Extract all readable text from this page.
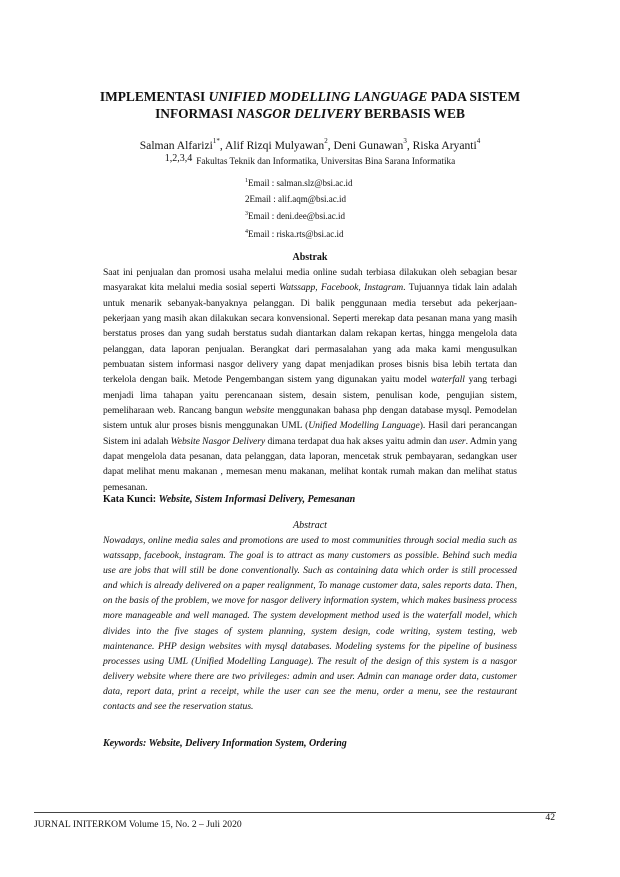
IMPLEMENTASI UNIFIED MODELLING LANGUAGE PADA SISTEM
INFORMASI NASGOR DELIVERY BERBASIS WEB
Salman Alfarizi$^{1*}$, Alif Rizqi Mulyawan$^2$, Deni Gunawan$^3$, Riska Aryanti$^4$
1,2,3,4 Fakultas Teknik dan Informatika, Universitas Bina Sarana Informatika
$^1$Email : salman.slz@bsi.ac.id
2Email : alif.aqm@bsi.ac.id
$^3$Email : deni.dee@bsi.ac.id
$^4$Email : riska.rts@bsi.ac.id
Abstrak
Saat ini penjualan dan promosi usaha melalui media online sudah terbiasa dilakukan oleh sebagian besar masyarakat kita melalui media sosial seperti Watssapp, Facebook, Instagram. Tujuannya tidak lain adalah untuk menarik sebanyak-banyaknya pelanggan. Di balik penggunaan media tersebut ada pekerjaan-pekerjaan yang masih akan dilakukan secara konvensional. Seperti merekap data pesanan mana yang masih berstatus proses dan yang sudah berstatus sudah diantarkan dalam rekapan kertas, hingga mengelola data pelanggan, data laporan penjualan. Berangkat dari permasalahan yang ada maka kami mengusulkan pembuatan sistem informasi nasgor delivery yang dapat menjadikan proses bisnis bisa lebih tertata dan terkelola dengan baik. Metode Pengembangan sistem yang digunakan yaitu model waterfall yang terbagi menjadi lima tahapan yaitu perencanaan sistem, desain sistem, penulisan kode, pengujian sistem, pemeliharaan web. Rancang bangun website menggunakan bahasa php dengan database mysql. Pemodelan sistem untuk alur proses bisnis menggunakan UML (Unified Modelling Language). Hasil dari perancangan Sistem ini adalah Website Nasgor Delivery dimana terdapat dua hak akses yaitu admin dan user. Admin yang dapat mengelola data pesanan, data pelanggan, data laporan, mencetak struk pembayaran, sedangkan user dapat melihat menu makanan , memesan menu makanan, melihat kontak rumah makan dan melihat status pemesanan.
Kata Kunci: Website, Sistem Informasi Delivery, Pemesanan
Abstract
Nowadays, online media sales and promotions are used to most communities through social media such as watssapp, facebook, instagram. The goal is to attract as many customers as possible. Behind such media use are jobs that will still be done conventionally. Such as containing data which order is still processed and which is already delivered on a paper realignment, To manage customer data, sales reports data. Then, on the basis of the problem, we move for nasgor delivery information system, which makes business process more manageable and well managed. The system development method used is the waterfall model, which divides into the five stages of system planning, system design, code writing, system testing, web maintenance. PHP design websites with mysql databases. Modeling systems for the pipeline of business processes using UML (Unified Modelling Language). The result of the design of this system is a nasgor delivery website where there are two privileges: admin and user. Admin can manage order data, customer data, report data, print a receipt, while the user can see the menu, order a menu, see the restaurant contacts and see the reservation status.
Keywords: Website, Delivery Information System, Ordering
JURNAL INITERKOM Volume 15, No. 2 – Juli 2020
42
